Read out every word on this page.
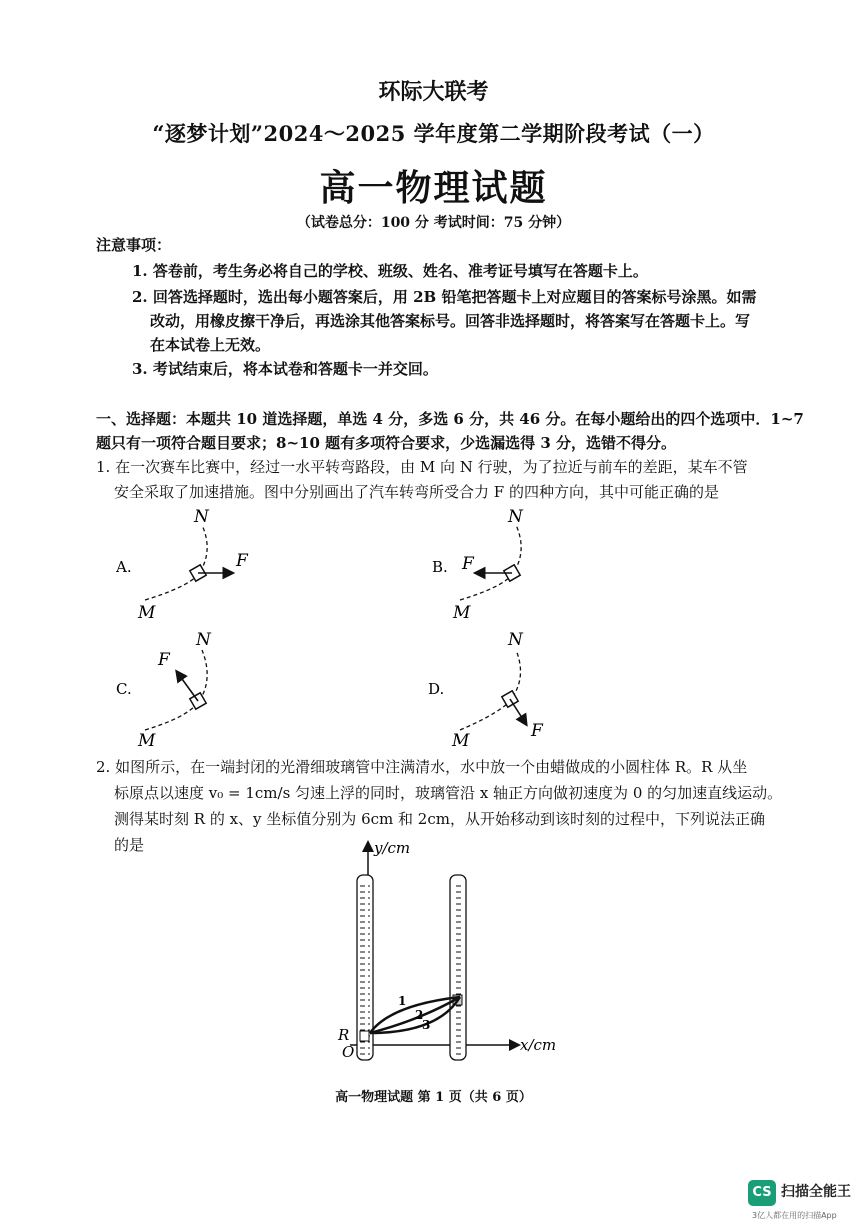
环际大联考
“逐梦计划”2024～2025 学年度第二学期阶段考试（一）
高一物理试题
（试卷总分：100 分 考试时间：75 分钟）
注意事项：
1. 答卷前，考生务必将自己的学校、班级、姓名、准考证号填写在答题卡上。
2. 回答选择题时，选出每小题答案后，用 2B 铅笔把答题卡上对应题目的答案标号涂黑。如需
改动，用橡皮擦干净后，再选涂其他答案标号。回答非选择题时，将答案写在答题卡上。写
在本试卷上无效。
3. 考试结束后，将本试卷和答题卡一并交回。
一、选择题：本题共 10 道选择题，单选 4 分，多选 6 分，共 46 分。在每小题给出的四个选项中．1~7
题只有一项符合题目要求；8~10 题有多项符合要求，少选漏选得 3 分，选错不得分。
1. 在一次赛车比赛中，经过一水平转弯路段，由 M 向 N 行驶，为了拉近与前车的差距，某车不管
安全采取了加速措施。图中分别画出了汽车转弯所受合力 F 的四种方向，其中可能正确的是
A.	F
N
M
B. F
N
M
C.
F
N
M
D.
F
N
M
2. 如图所示，在一端封闭的光滑细玻璃管中注满清水，水中放一个由蜡做成的小圆柱体 R。R 从坐
标原点以速度 v₀ = 1cm/s 匀速上浮的同时，玻璃管沿 x 轴正方向做初速度为 0 的匀加速直线运动。
测得某时刻 R 的 x、y 坐标值分别为 6cm 和 2cm，从开始移动到该时刻的过程中，下列说法正确
的是	y/cm
x/cm
O
R
1
2
3
高一物理试题 第 1 页（共 6 页）
CS 扫描全能王
3亿人都在用的扫描App
